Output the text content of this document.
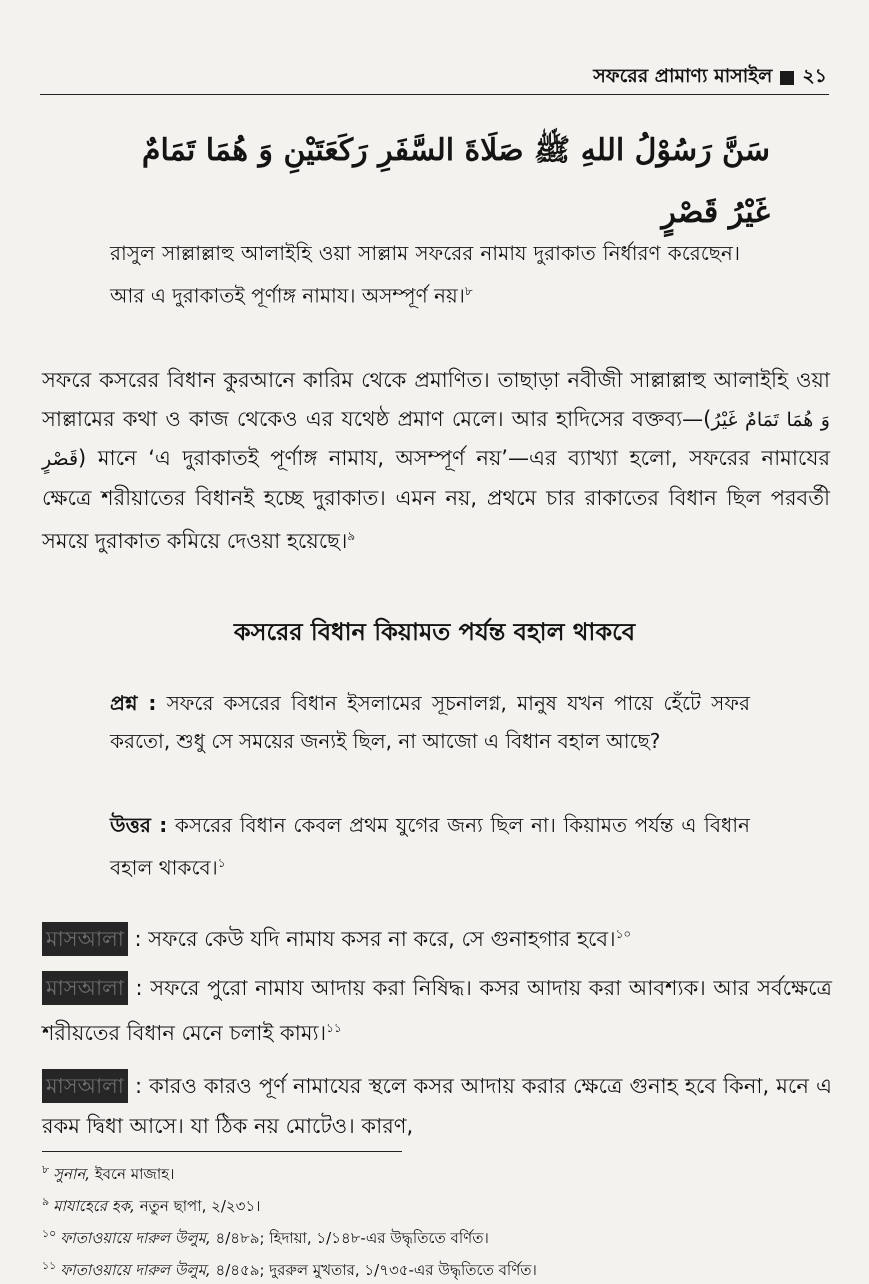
সফরের প্রামাণ্য মাসাইল ২১
سَنَّ رَسُوْلُ اللهِ ﷺ صَلَاةَ السَّفَرِ رَكَعَتَيْنِ وَ هُمَا تَمَامٌ غَيْرُ قَصْرٍ
রাসুল সাল্লাল্লাহু আলাইহি ওয়া সাল্লাম সফরের নামায দুরাকাত নির্ধারণ করেছেন। আর এ দুরাকাতই পূর্ণাঙ্গ নামায। অসম্পূর্ণ নয়।$^৮$
সফরে কসরের বিধান কুরআনে কারিম থেকে প্রমাণিত। তাছাড়া নবীজী সাল্লাল্লাহু আলাইহি ওয়া সাল্লামের কথা ও কাজ থেকেও এর যথেষ্ঠ প্রমাণ মেলে। আর হাদিসের বক্তব্য—(وَ هُمَا تَمَامٌ غَيْرُ قَصْرٍ) মানে ‘এ দুরাকাতই পূর্ণাঙ্গ নামায, অসম্পূর্ণ নয়’—এর ব্যাখ্যা হলো, সফরের নামাযের ক্ষেত্রে শরীয়াতের বিধানই হচ্ছে দুরাকাত। এমন নয়, প্রথমে চার রাকাতের বিধান ছিল পরবর্তী সময়ে দুরাকাত কমিয়ে দেওয়া হয়েছে।$^৯$
কসরের বিধান কিয়ামত পর্যন্ত বহাল থাকবে
প্রশ্ন : সফরে কসরের বিধান ইসলামের সূচনালগ্ন, মানুষ যখন পায়ে হেঁটে সফর করতো, শুধু সে সময়ের জন্যই ছিল, না আজো এ বিধান বহাল আছে?
উত্তর : কসরের বিধান কেবল প্রথম যুগের জন্য ছিল না। কিয়ামত পর্যন্ত এ বিধান বহাল থাকবে।$^১$
মাসআলা : সফরে কেউ যদি নামায কসর না করে, সে গুনাহগার হবে।$^{১০}$
মাসআলা : সফরে পুরো নামায আদায় করা নিষিদ্ধ। কসর আদায় করা আবশ্যক। আর সর্বক্ষেত্রে শরীয়তের বিধান মেনে চলাই কাম্য।$^{১১}$
মাসআলা : কারও কারও পূর্ণ নামাযের স্থলে কসর আদায় করার ক্ষেত্রে গুনাহ হবে কিনা, মনে এ রকম দ্বিধা আসে। যা ঠিক নয় মোটেও। কারণ,
$^৮$ সুনান, ইবনে মাজাহ।
$^৯$ মাযাহেরে হক, নতুন ছাপা, ২/২৩১।
$^{১০}$ ফাতাওয়ায়ে দারুল উলুম, ৪/৪৮৯; হিদায়া, ১/১৪৮-এর উদ্ধৃতিতে বর্ণিত।
$^{১১}$ ফাতাওয়ায়ে দারুল উলুম, ৪/৪৫৯; দুররুল মুখতার, ১/৭৩৫-এর উদ্ধৃতিতে বর্ণিত।
